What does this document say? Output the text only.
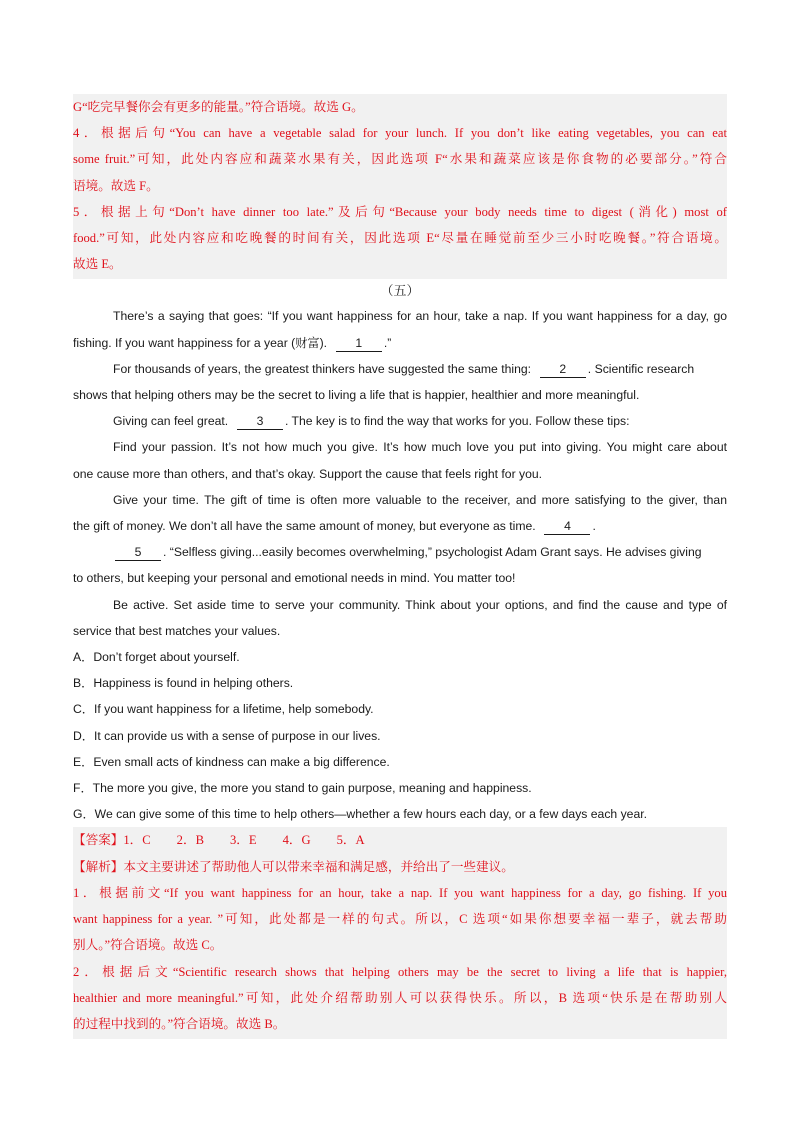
G“吃完早餐你会有更多的能量。”符合语境。故选 G。
4．根据后句“You can have a vegetable salad for your lunch. If you don’t like eating vegetables, you can eat
some fruit.”可知，此处内容应和蔬菜水果有关，因此选项 F“水果和蔬菜应该是你食物的必要部分。”符合
语境。故选 F。
5．根据上句“Don’t have dinner too late.”及后句“Because your body needs time to digest (消化) most of
food.”可知，此处内容应和吃晚餐的时间有关，因此选项 E“尽量在睡觉前至少三小时吃晚餐。”符合语境。
故选 E。
（五）
There’s a saying that goes: “If you want happiness for an hour, take a nap. If you want happiness for a day, go
fishing. If you want happiness for a year (财富). 1 .”
For thousands of years, the greatest thinkers have suggested the same thing: 2 . Scientific research
shows that helping others may be the secret to living a life that is happier, healthier and more meaningful.
Giving can feel great. 3 . The key is to find the way that works for you. Follow these tips:
Find your passion. It’s not how much you give. It’s how much love you put into giving. You might care about
one cause more than others, and that’s okay. Support the cause that feels right for you.
Give your time. The gift of time is often more valuable to the receiver, and more satisfying to the giver, than
the gift of money. We don’t all have the same amount of money, but everyone as time. 4 .
5 . “Selfless giving...easily becomes overwhelming,” psychologist Adam Grant says. He advises giving
to others, but keeping your personal and emotional needs in mind. You matter too!
Be active. Set aside time to serve your community. Think about your options, and find the cause and type of
service that best matches your values.
A．Don’t forget about yourself.
B．Happiness is found in helping others.
C．If you want happiness for a lifetime, help somebody.
D．It can provide us with a sense of purpose in our lives.
E．Even small acts of kindness can make a big difference.
F．The more you give, the more you stand to gain purpose, meaning and happiness.
G．We can give some of this time to help others—whether a few hours each day, or a few days each year.
【答案】1．C 2．B 3．E 4．G 5．A
【解析】本文主要讲述了帮助他人可以带来幸福和满足感，并给出了一些建议。
1．根据前文“If you want happiness for an hour, take a nap. If you want happiness for a day, go fishing. If you
want happiness for a year. ”可知，此处都是一样的句式。所以，C 选项“如果你想要幸福一辈子，就去帮助
别人。”符合语境。故选 C。
2．根据后文“Scientific research shows that helping others may be the secret to living a life that is happier,
healthier and more meaningful.”可知，此处介绍帮助别人可以获得快乐。所以，B 选项“快乐是在帮助别人
的过程中找到的。”符合语境。故选 B。
